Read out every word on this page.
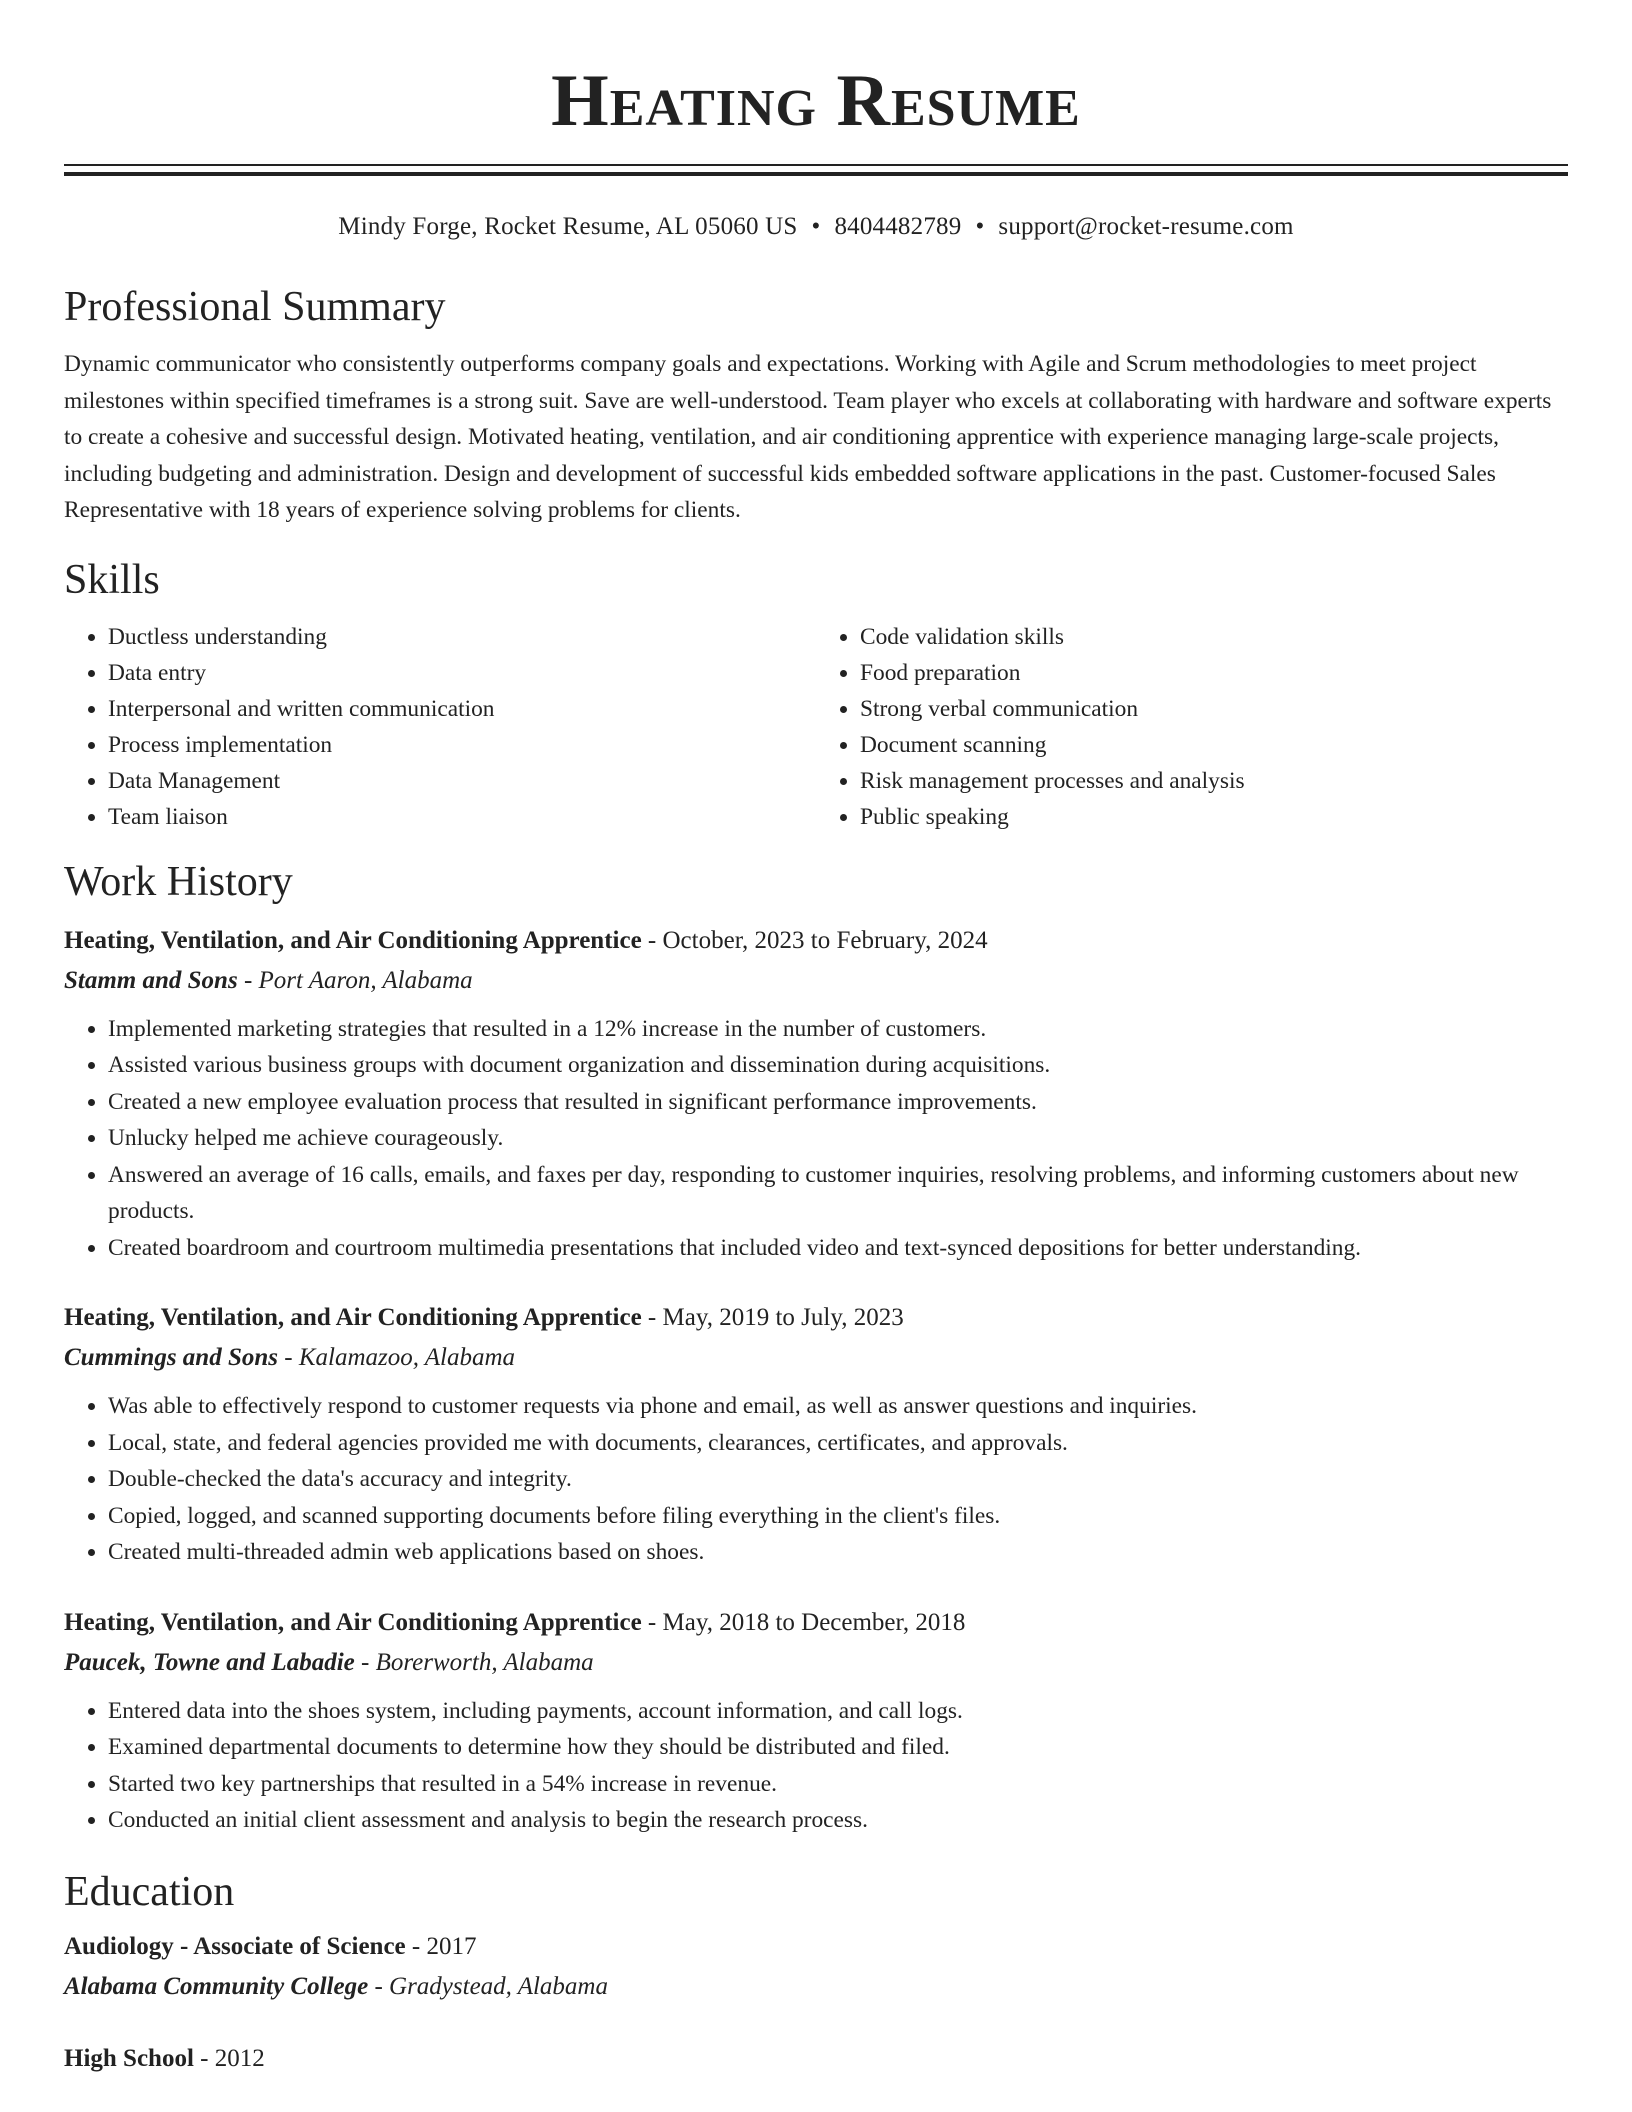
Heating Resume
Mindy Forge, Rocket Resume, AL 05060 US • 8404482789 • support@rocket-resume.com
Professional Summary

Dynamic communicator who consistently outperforms company goals and expectations. Working with Agile and Scrum methodologies to meet project milestones within specified timeframes is a strong suit. Save are well-understood. Team player who excels at collaborating with hardware and software experts to create a cohesive and successful design. Motivated heating, ventilation, and air conditioning apprentice with experience managing large-scale projects, including budgeting and administration. Design and development of successful kids embedded software applications in the past. Customer-focused Sales Representative with 18 years of experience solving problems for clients.

Skills
• Ductless understanding
• Data entry
• Interpersonal and written communication
• Process implementation
• Data Management
• Team liaison
• Code validation skills
• Food preparation
• Strong verbal communication
• Document scanning
• Risk management processes and analysis
• Public speaking
Work History
Heating, Ventilation, and Air Conditioning Apprentice - October, 2023 to February, 2024
Stamm and Sons - Port Aaron, Alabama
• Implemented marketing strategies that resulted in a 12% increase in the number of customers.
• Assisted various business groups with document organization and dissemination during acquisitions.
• Created a new employee evaluation process that resulted in significant performance improvements.
• Unlucky helped me achieve courageously.
• Answered an average of 16 calls, emails, and faxes per day, responding to customer inquiries, resolving problems, and informing customers about new products.
• Created boardroom and courtroom multimedia presentations that included video and text-synced depositions for better understanding.
Heating, Ventilation, and Air Conditioning Apprentice - May, 2019 to July, 2023
Cummings and Sons - Kalamazoo, Alabama
• Was able to effectively respond to customer requests via phone and email, as well as answer questions and inquiries.
• Local, state, and federal agencies provided me with documents, clearances, certificates, and approvals.
• Double-checked the data's accuracy and integrity.
• Copied, logged, and scanned supporting documents before filing everything in the client's files.
• Created multi-threaded admin web applications based on shoes.
Heating, Ventilation, and Air Conditioning Apprentice - May, 2018 to December, 2018
Paucek, Towne and Labadie - Borerworth, Alabama
• Entered data into the shoes system, including payments, account information, and call logs.
• Examined departmental documents to determine how they should be distributed and filed.
• Started two key partnerships that resulted in a 54% increase in revenue.
• Conducted an initial client assessment and analysis to begin the research process.
Education
Audiology - Associate of Science - 2017
Alabama Community College - Gradystead, Alabama
High School - 2012
